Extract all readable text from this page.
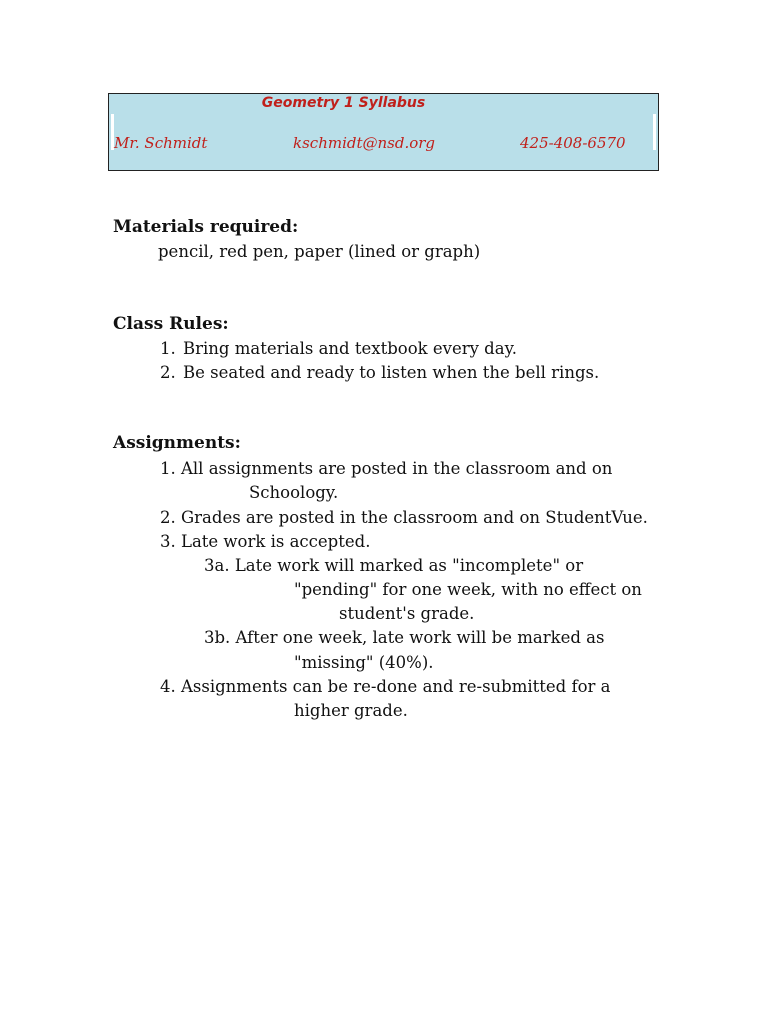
Geometry 1 Syllabus
Mr. Schmidt	kschmidt@nsd.org	425-408-6570
Materials required:
pencil, red pen, paper (lined or graph)
Class Rules:
1. Bring materials and textbook every day.
2. Be seated and ready to listen when the bell rings.
Assignments:
1. All assignments are posted in the classroom and on
Schoology.
2. Grades are posted in the classroom and on StudentVue.
3. Late work is accepted.
3a. Late work will marked as "incomplete" or
"pending" for one week, with no effect on
student's grade.
3b. After one week, late work will be marked as
"missing" (40%).
4. Assignments can be re-done and re-submitted for a
higher grade.
